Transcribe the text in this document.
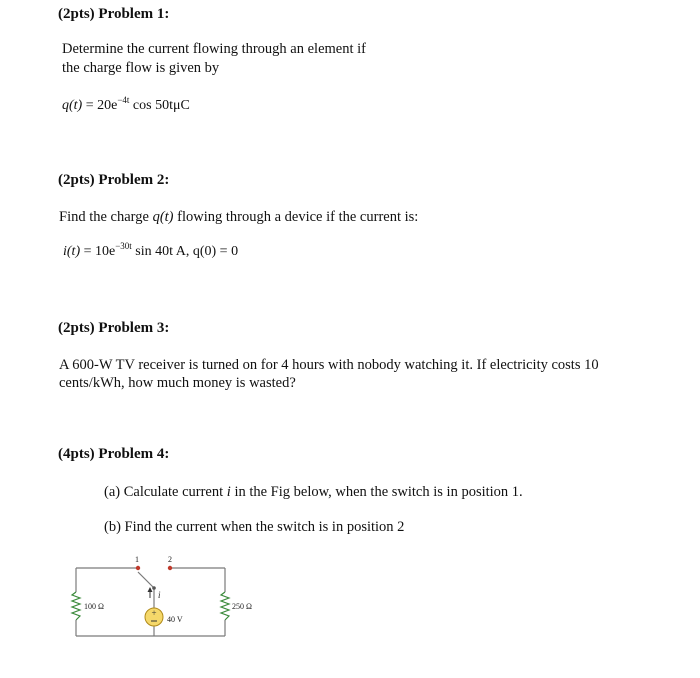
(2pts) Problem 1:
Determine the current flowing through an element if
the charge flow is given by
$q(t) = 20e^{-4t}$ cos 50tμC
(2pts) Problem 2:
Find the charge q(t) flowing through a device if the current is:
$i(t) = 10e^{-30t}$ sin 40t A, q(0) = 0
(2pts) Problem 3:
A 600-W TV receiver is turned on for 4 hours with nobody watching it. If electricity costs 10
cents/kWh, how much money is wasted?
(4pts) Problem 4:
(a) Calculate current i in the Fig below, when the switch is in position 1.
(b) Find the current when the switch is in position 2
1	2
i
+
40 V
100 Ω	250 Ω
